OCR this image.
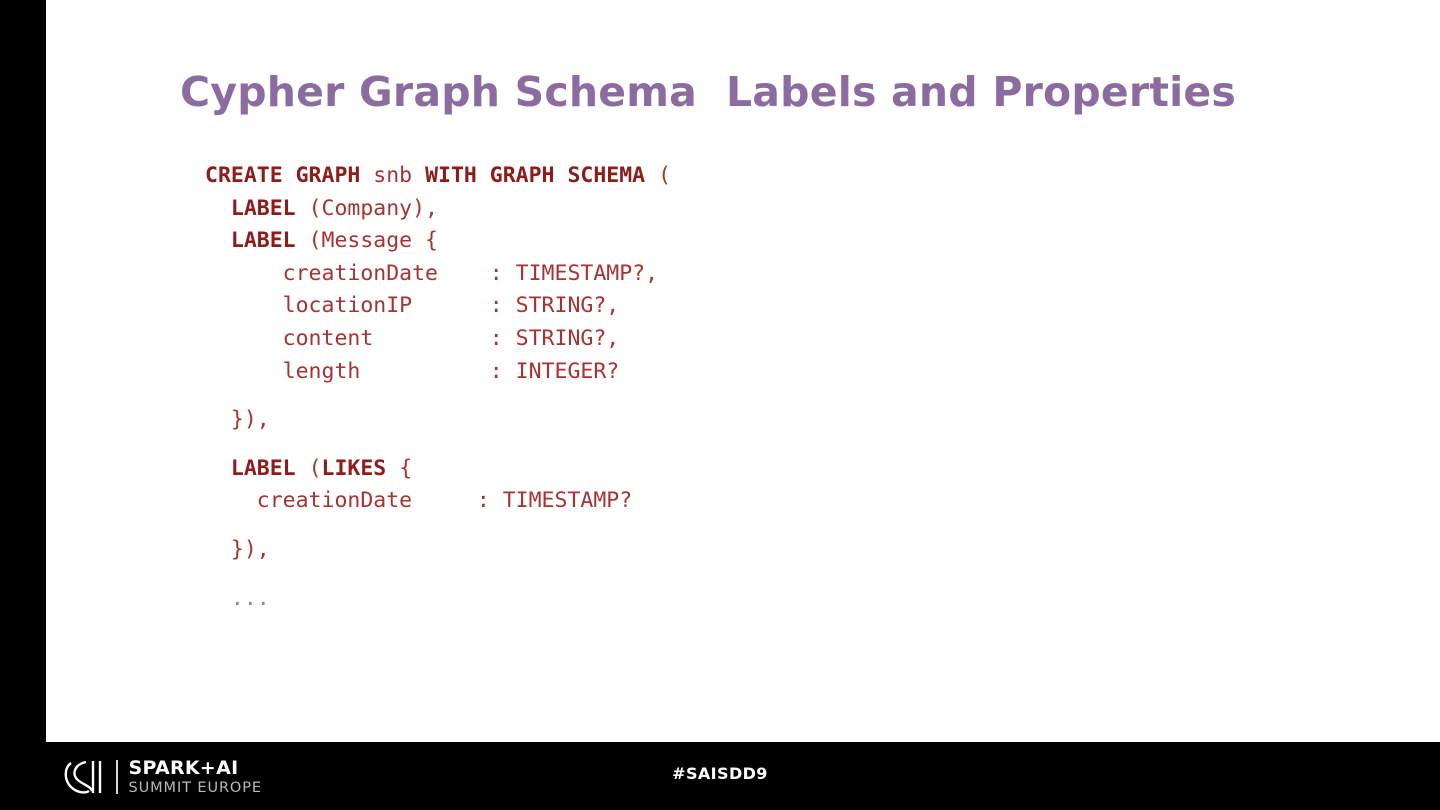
Cypher Graph Schema  Labels and Properties
CREATE GRAPH snb WITH GRAPH SCHEMA (
LABEL (Company),
LABEL (Message {
creationDate    : TIMESTAMP?,
locationIP      : STRING?,
content         : STRING?,
length          : INTEGER?

}),

LABEL (LIKES {
creationDate     : TIMESTAMP?

}),

...
SPARK+AI
SUMMIT EUROPE
#SAISDD9
